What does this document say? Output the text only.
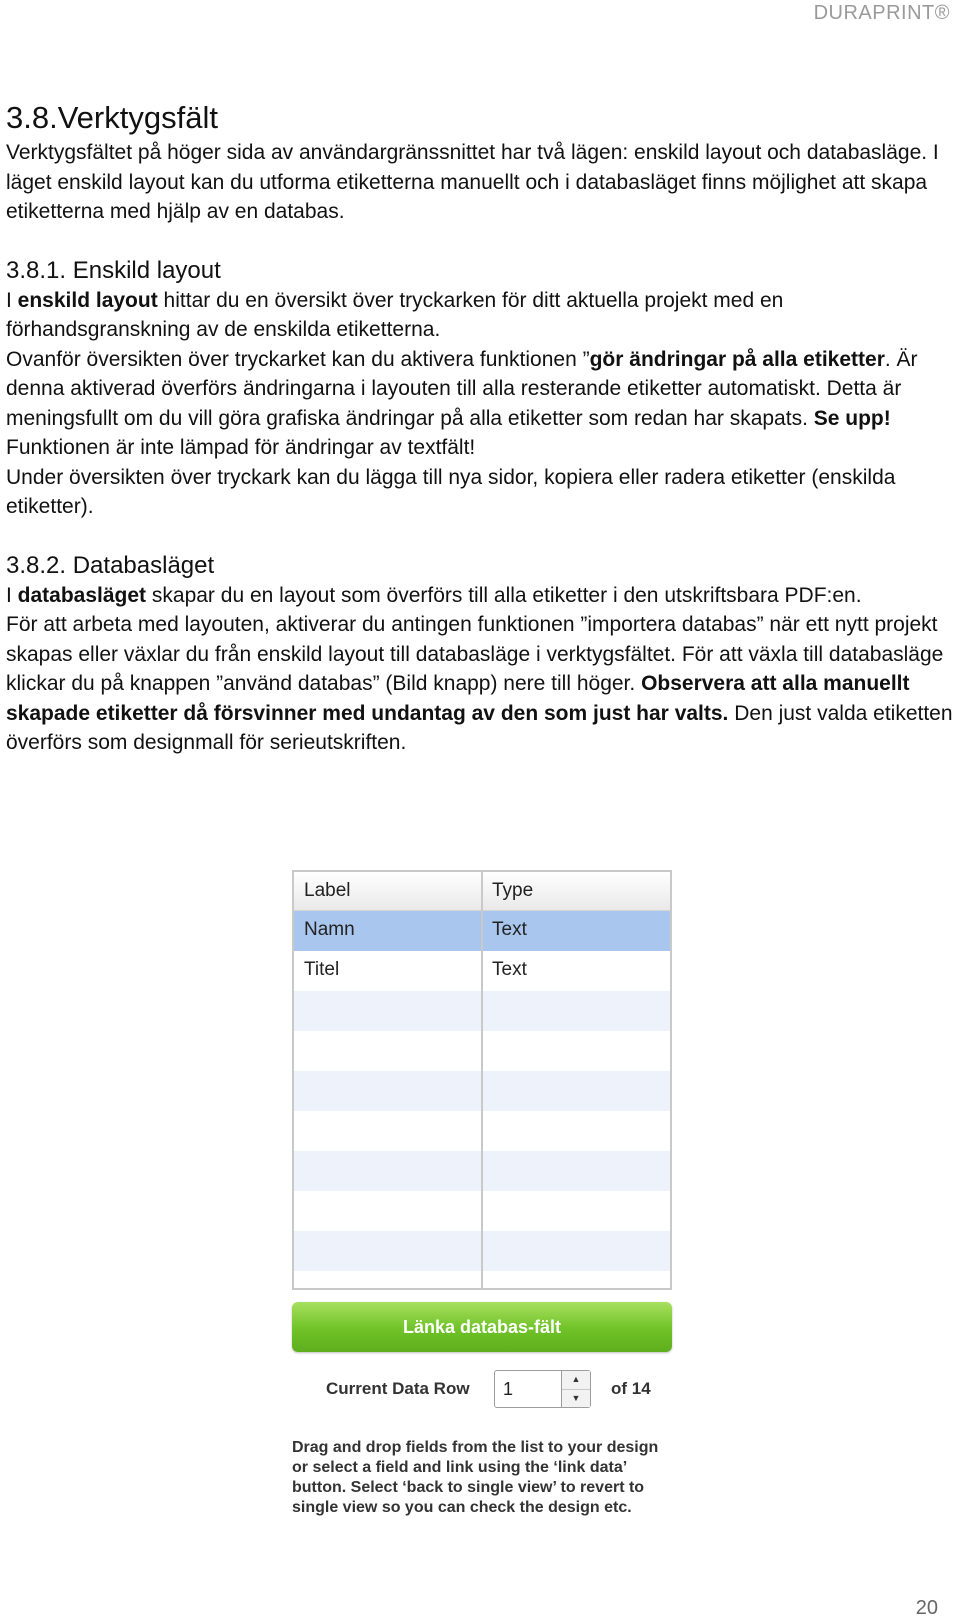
DURAPRINT®
3.8.Verktygsfält

Verktygsfältet på höger sida av användargränssnittet har två lägen: enskild layout och databasläge. I läget enskild layout kan du utforma etiketterna manuellt och i databasläget finns möjlighet att skapa etiketterna med hjälp av en databas.

3.8.1. Enskild layout

I enskild layout hittar du en översikt över tryckarken för ditt aktuella projekt med en förhandsgranskning av de enskilda etiketterna.

Ovanför översikten över tryckarket kan du aktivera funktionen ”gör ändringar på alla etiketter. Är denna aktiverad överförs ändringarna i layouten till alla resterande etiketter automatiskt. Detta är meningsfullt om du vill göra grafiska ändringar på alla etiketter som redan har skapats. Se upp! Funktionen är inte lämpad för ändringar av textfält!

Under översikten över tryckark kan du lägga till nya sidor, kopiera eller radera etiketter (enskilda etiketter).

3.8.2. Databasläget

I databasläget skapar du en layout som överförs till alla etiketter i den utskriftsbara PDF:en.

För att arbeta med layouten, aktiverar du antingen funktionen ”importera databas” när ett nytt projekt skapas eller växlar du från enskild layout till databasläge i verktygsfältet. För att växla till databasläge klickar du på knappen ”använd databas” (Bild knapp) nere till höger. Observera att alla manuellt skapade etiketter då försvinner med undantag av den som just har valts. Den just valda etiketten överförs som designmall för serieutskriften.

Label	Type
Namn	Text
Titel	Text
Länka databas-fält
Current Data Row	1	▲
▼	of 14
Drag and drop fields from the list to your design or select a field and link using the ‘link data’ button. Select ‘back to single view’ to revert to single view so you can check the design etc.
20
